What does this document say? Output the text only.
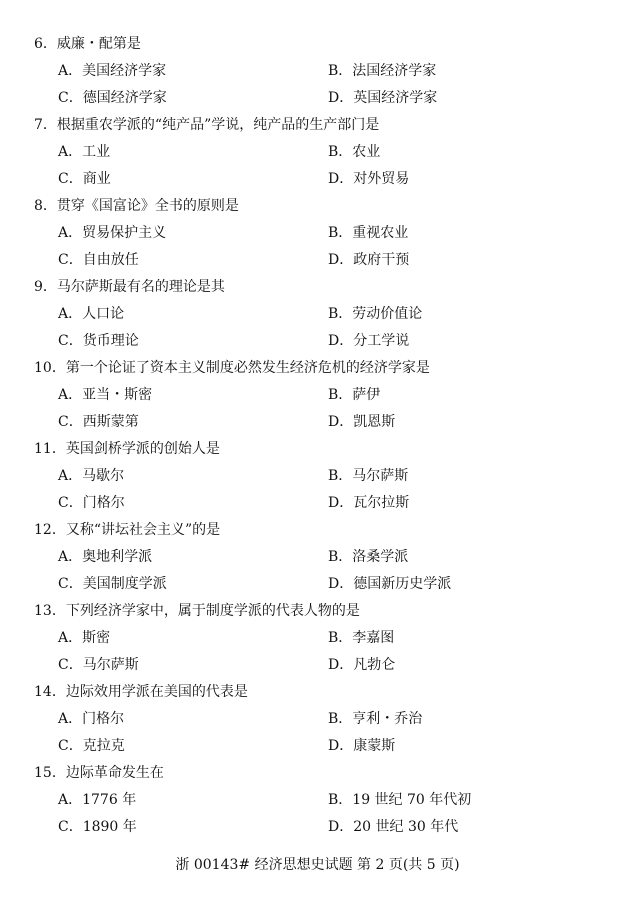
6．威廉・配第是
A．美国经济学家	B．法国经济学家
C．德国经济学家	D．英国经济学家
7．根据重农学派的“纯产品”学说，纯产品的生产部门是
A．工业	B．农业
C．商业	D．对外贸易
8．贯穿《国富论》全书的原则是
A．贸易保护主义	B．重视农业
C．自由放任	D．政府干预
9．马尔萨斯最有名的理论是其
A．人口论	B．劳动价值论
C．货币理论	D．分工学说
10．第一个论证了资本主义制度必然发生经济危机的经济学家是
A．亚当・斯密	B．萨伊
C．西斯蒙第	D．凯恩斯
11．英国剑桥学派的创始人是
A．马歇尔	B．马尔萨斯
C．门格尔	D．瓦尔拉斯
12．又称“讲坛社会主义”的是
A．奥地利学派	B．洛桑学派
C．美国制度学派	D．德国新历史学派
13．下列经济学家中，属于制度学派的代表人物的是
A．斯密	B．李嘉图
C．马尔萨斯	D．凡勃仑
14．边际效用学派在美国的代表是
A．门格尔	B．亨利・乔治
C．克拉克	D．康蒙斯
15．边际革命发生在
A．1776 年	B．19 世纪 70 年代初
C．1890 年	D．20 世纪 30 年代
浙 00143# 经济思想史试题 第 2 页(共 5 页)
